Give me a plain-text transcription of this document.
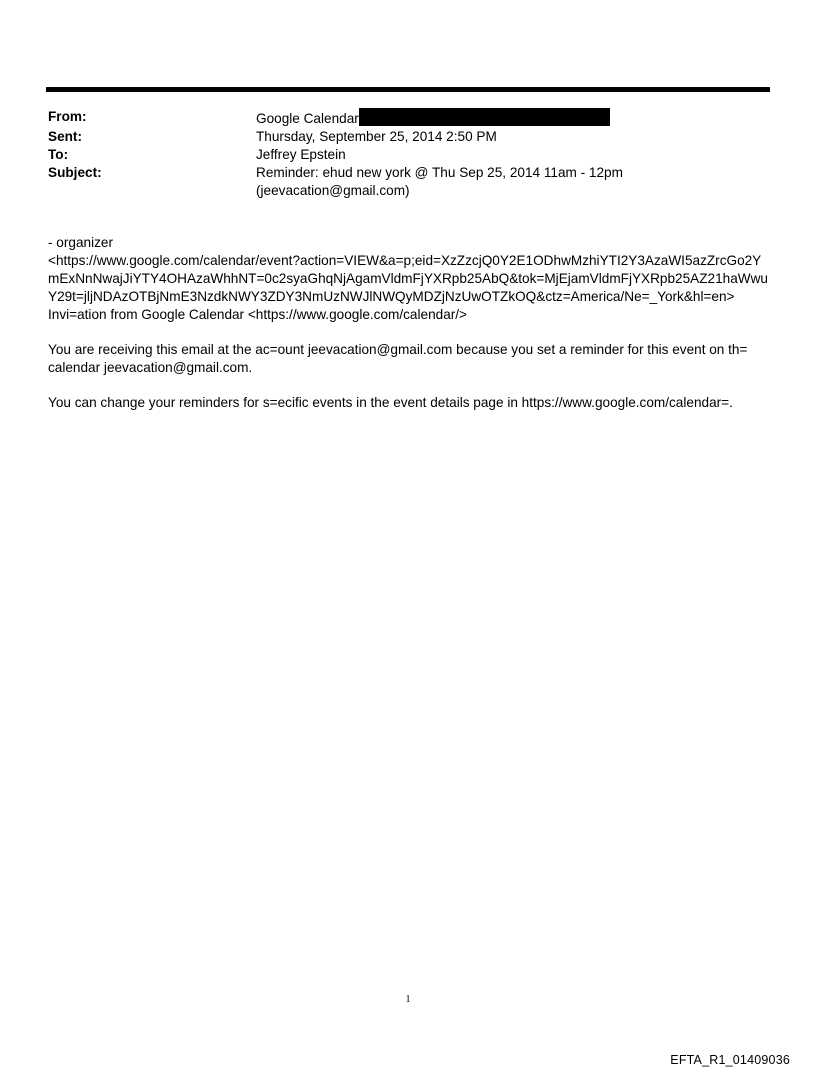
From:	Google Calendar
Sent:	Thursday, September 25, 2014 2:50 PM
To:	Jeffrey Epstein
Subject:	Reminder: ehud new york @ Thu Sep 25, 2014 11am - 12pm
(jeevacation@gmail.com)

- organizer
<https://www.google.com/calendar/event?action=VIEW&a=p;eid=XzZzcjQ0Y2E1ODhwMzhiYTI2Y3AzaWI5azZrcGo2YmExNnNwajJiYTY4OHAzaWhhNT=0c2syaGhqNjAgamVldmFjYXRpb25AbQ&tok=MjEjamVldmFjYXRpb25AZ21haWwuY29t=jljNDAzOTBjNmE3NzdkNWY3ZDY3NmUzNWJlNWQyMDZjNzUwOTZkOQ&ctz=America/Ne=_York&hl=en>
Invi=ation from Google Calendar <https://www.google.com/calendar/>

You are receiving this email at the ac=ount jeevacation@gmail.com because you set a reminder for this event on th=
calendar jeevacation@gmail.com.

You can change your reminders for s=ecific events in the event details page in https://www.google.com/calendar=.

1
EFTA_R1_01409036
